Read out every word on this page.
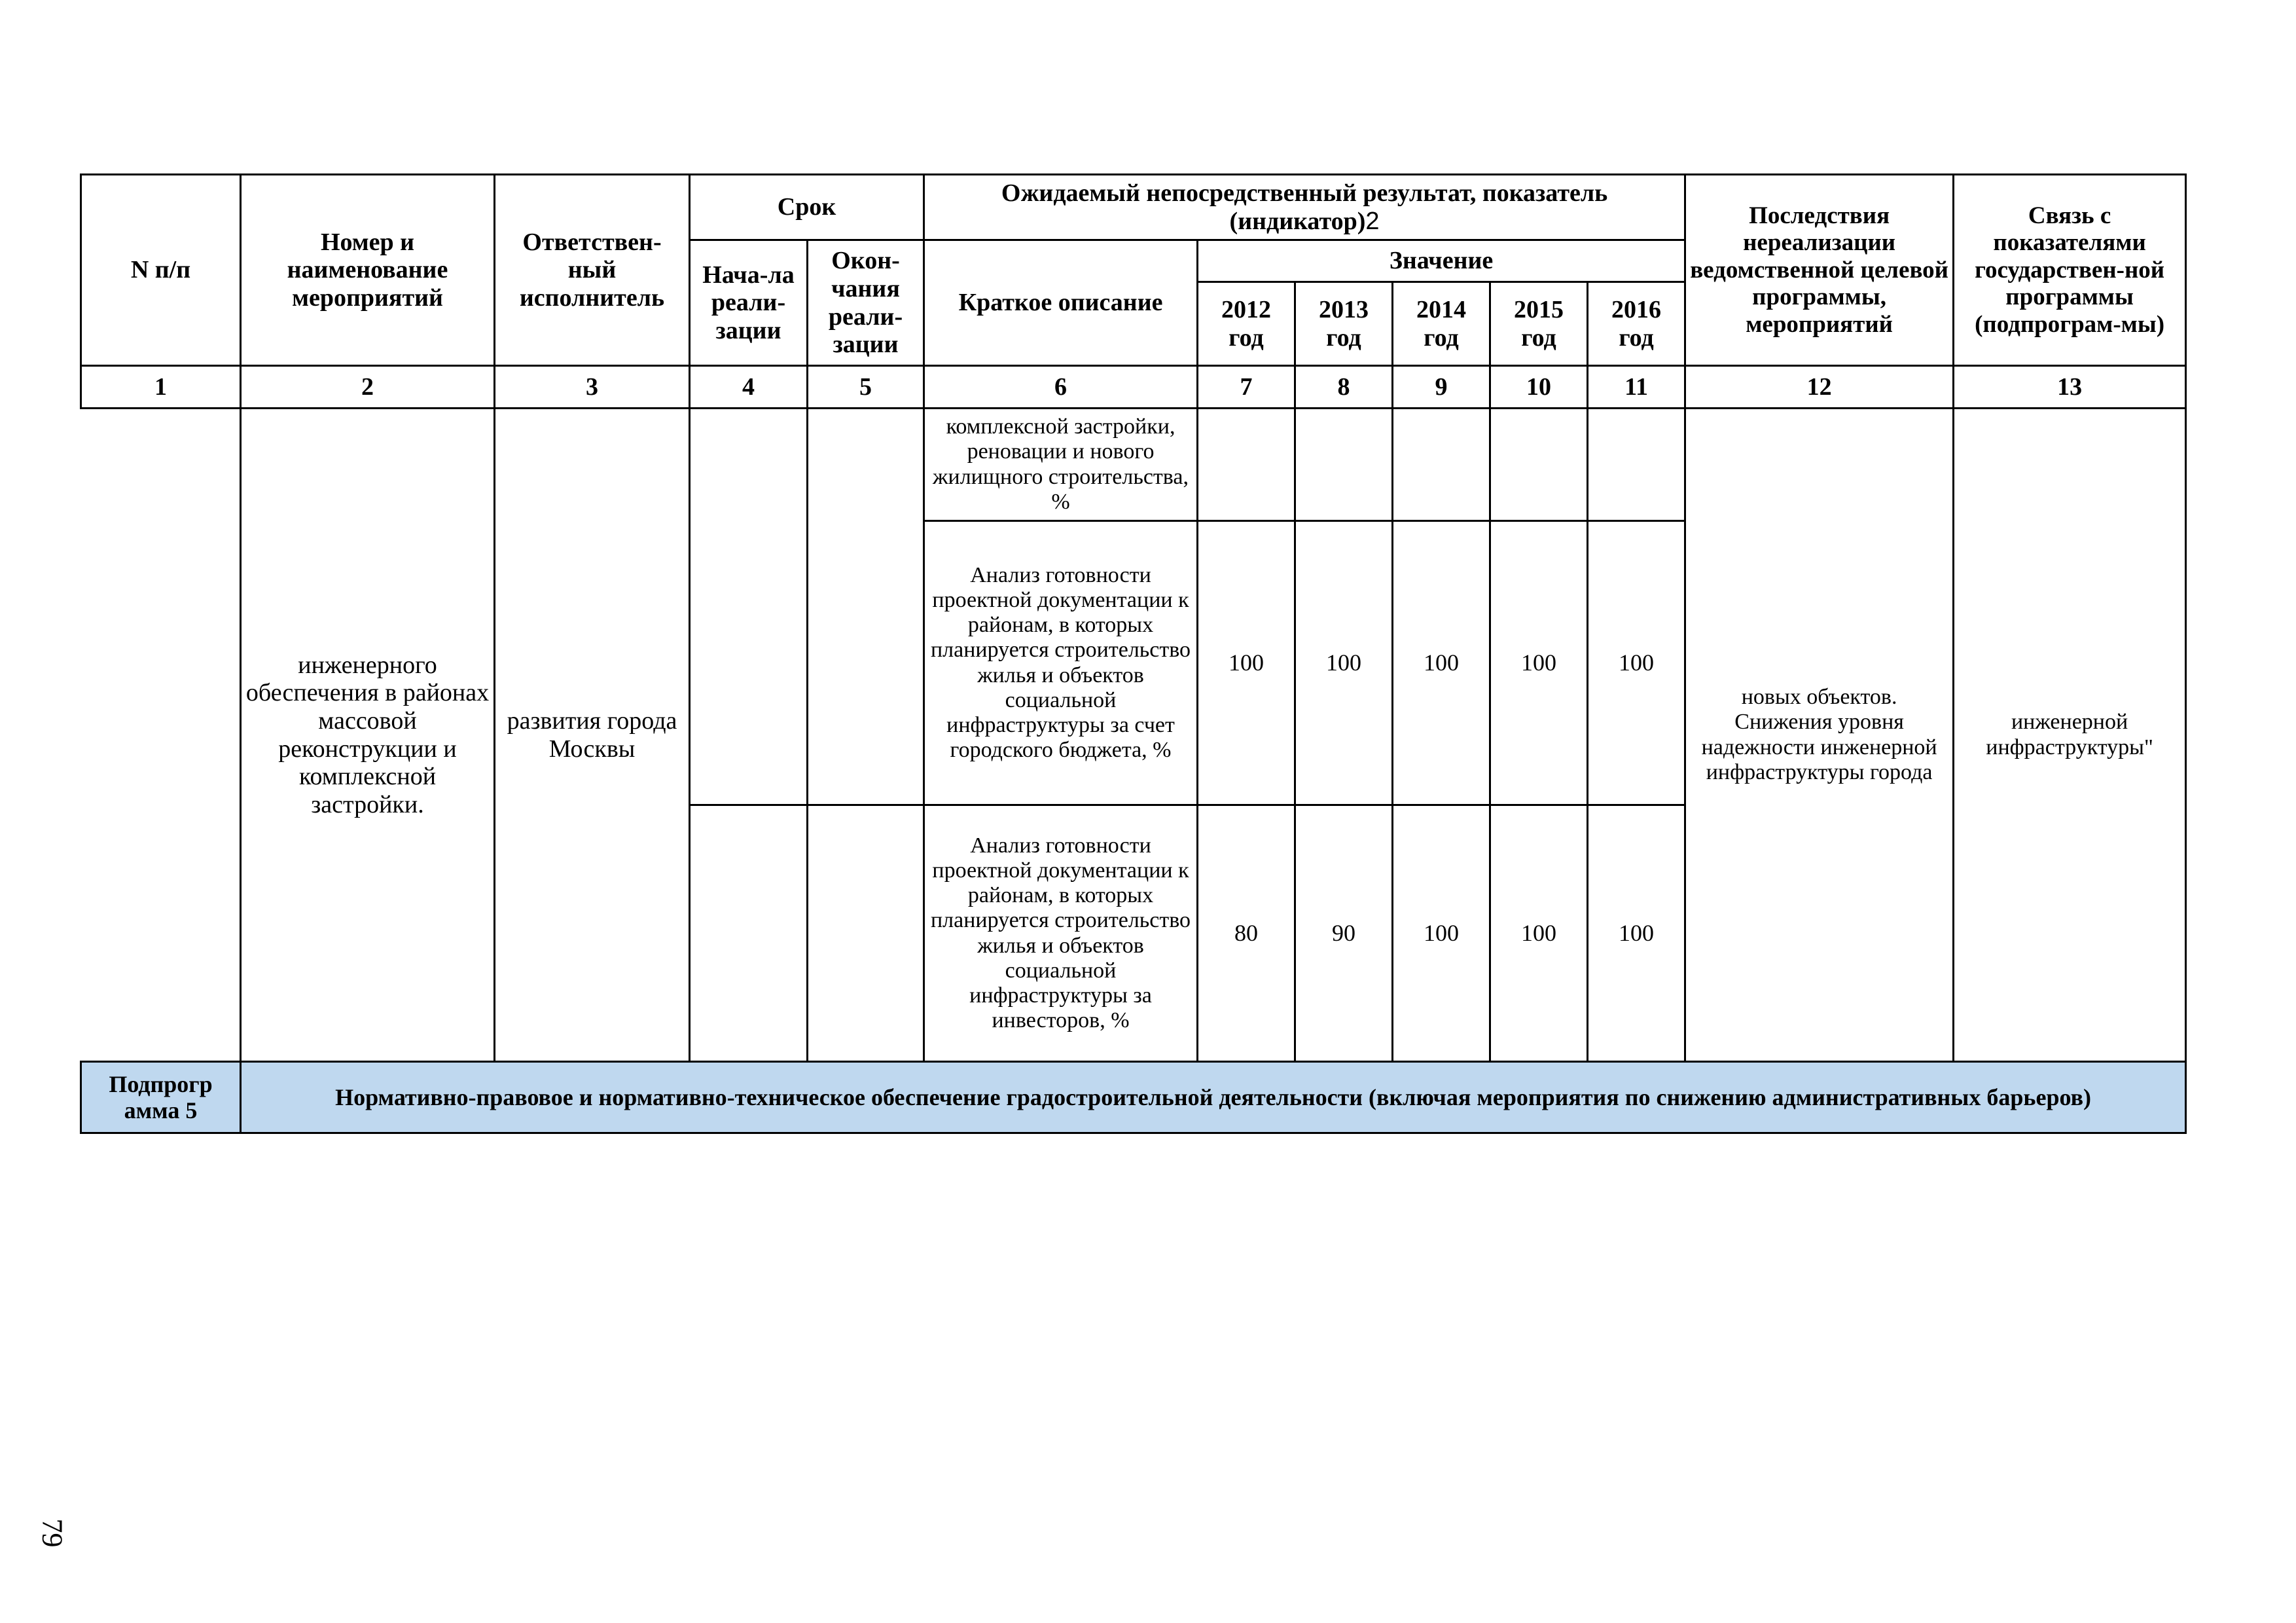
N п/п	Номер и наименование мероприятий	Ответствен-ный исполнитель	Срок		Ожидаемый непосредственный результат, показатель (индикатор)2						Последствия нереализации ведомственной целевой программы, мероприятий	Связь с показателями государствен-ной программы (подпрограм-мы)
			Нача-ла реали-зации	Окон-чания реали-зации	Краткое описание	Значение						
						2012 год	2013 год	2014 год	2015 год	2016 год		
1	2	3	4	5	6	7	8	9	10	11	12	13
	инженерного обеспечения в районах массовой реконструкции и комплексной застройки.	развития города Москвы			комплексной застройки, реновации и нового жилищного строительства, %						новых объектов. Снижения уровня надежности инженерной инфраструктуры города	инженерной инфраструктуры"
					Анализ готовности проектной документации к районам, в которых планируется строительство жилья и объектов социальной инфраструктуры за счет городского бюджета, %	100	100	100	100	100		
					Анализ готовности проектной документации к районам, в которых планируется строительство жилья и объектов социальной инфраструктуры за инвесторов, %	80	90	100	100	100		
Подпрогр амма 5	Нормативно-правовое и нормативно-техническое обеспечение градостроительной деятельности (включая мероприятия по снижению административных барьеров)											
79
